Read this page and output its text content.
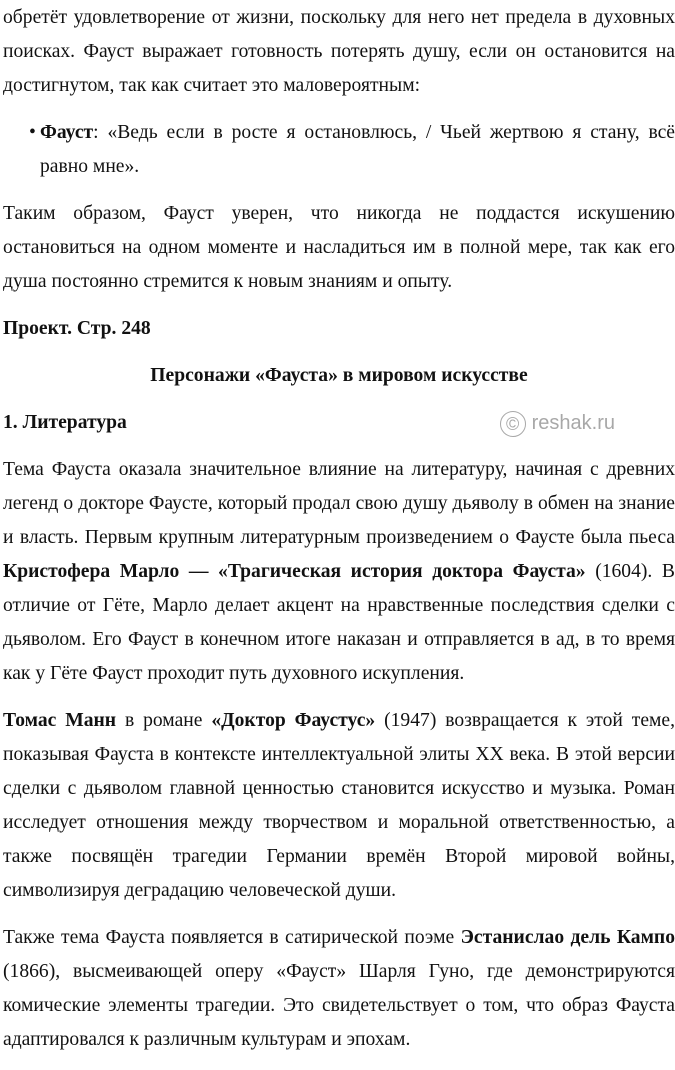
обретёт удовлетворение от жизни, поскольку для него нет предела в духовных поисках. Фауст выражает готовность потерять душу, если он остановится на достигнутом, так как считает это маловероятным:

• Фауст: «Ведь если в росте я остановлюсь, / Чьей жертвою я стану, всё равно мне».

Таким образом, Фауст уверен, что никогда не поддастся искушению остановиться на одном моменте и насладиться им в полной мере, так как его душа постоянно стремится к новым знаниям и опыту.

Проект. Стр. 248

Персонажи «Фауста» в мировом искусстве

© reshak.ru
1. Литература

Тема Фауста оказала значительное влияние на литературу, начиная с древних легенд о докторе Фаусте, который продал свою душу дьяволу в обмен на знание и власть. Первым крупным литературным произведением о Фаусте была пьеса Кристофера Марло — «Трагическая история доктора Фауста» (1604). В отличие от Гёте, Марло делает акцент на нравственные последствия сделки с дьяволом. Его Фауст в конечном итоге наказан и отправляется в ад, в то время как у Гёте Фауст проходит путь духовного искупления.

Томас Манн в романе «Доктор Фаустус» (1947) возвращается к этой теме, показывая Фауста в контексте интеллектуальной элиты XX века. В этой версии сделки с дьяволом главной ценностью становится искусство и музыка. Роман исследует отношения между творчеством и моральной ответственностью, а также посвящён трагедии Германии времён Второй мировой войны, символизируя деградацию человеческой души.

Также тема Фауста появляется в сатирической поэме Эстанислао дель Кампо (1866), высмеивающей оперу «Фауст» Шарля Гуно, где демонстрируются комические элементы трагедии. Это свидетельствует о том, что образ Фауста адаптировался к различным культурам и эпохам.
